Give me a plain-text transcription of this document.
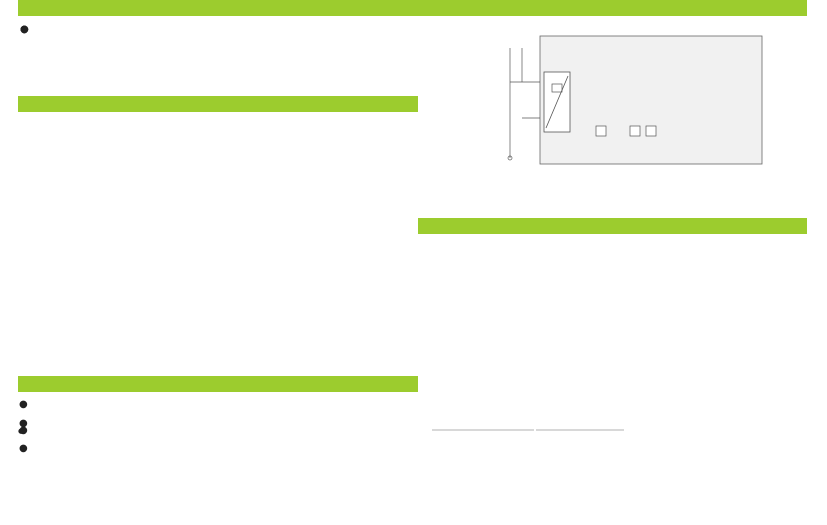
●

●
